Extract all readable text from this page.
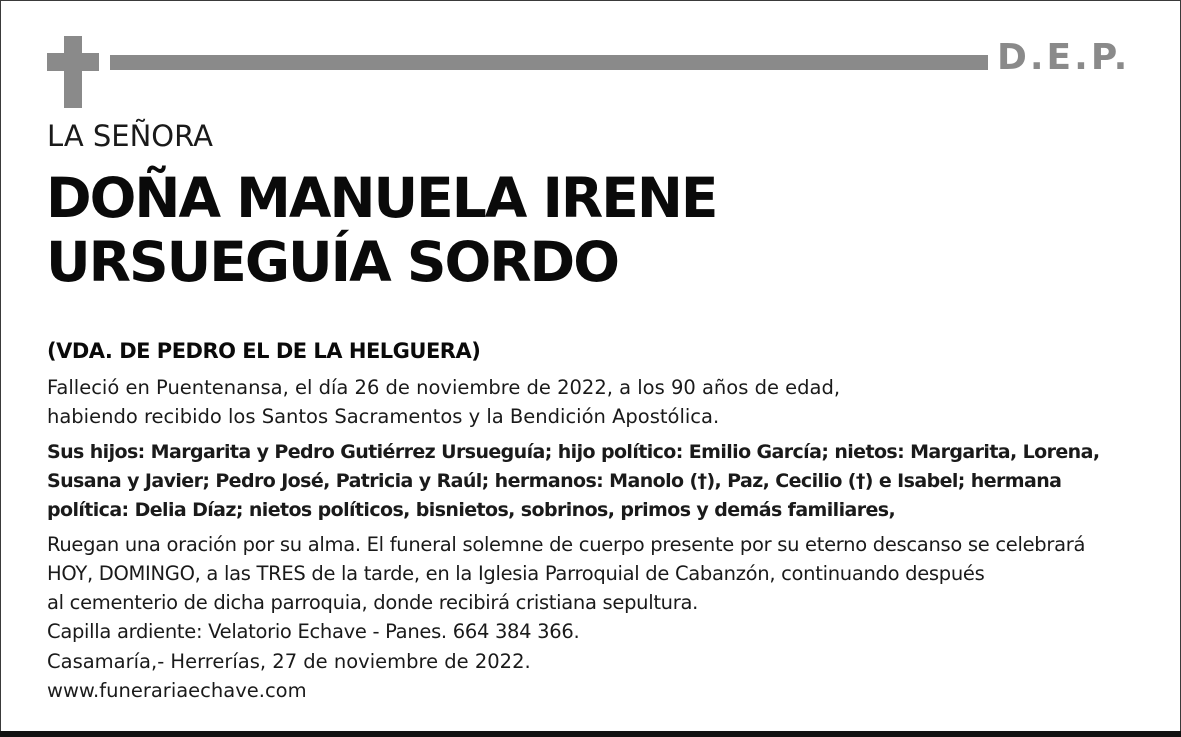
D.E.P.
LA SEÑORA
DOÑA MANUELA IRENE
URSUEGUÍA SORDO
(VDA. DE PEDRO EL DE LA HELGUERA)
Falleció en Puentenansa, el día 26 de noviembre de 2022, a los 90 años de edad,
habiendo recibido los Santos Sacramentos y la Bendición Apostólica.
Sus hijos: Margarita y Pedro Gutiérrez Ursueguía; hijo político: Emilio García; nietos: Margarita, Lorena,
Susana y Javier; Pedro José, Patricia y Raúl; hermanos: Manolo (†), Paz, Cecilio (†) e Isabel; hermana
política: Delia Díaz; nietos políticos, bisnietos, sobrinos, primos y demás familiares,
Ruegan una oración por su alma. El funeral solemne de cuerpo presente por su eterno descanso se celebrará
HOY, DOMINGO, a las TRES de la tarde, en la Iglesia Parroquial de Cabanzón, continuando después
al cementerio de dicha parroquia, donde recibirá cristiana sepultura.
Capilla ardiente: Velatorio Echave - Panes. 664 384 366.
Casamaría,- Herrerías, 27 de noviembre de 2022.
www.funerariaechave.com
